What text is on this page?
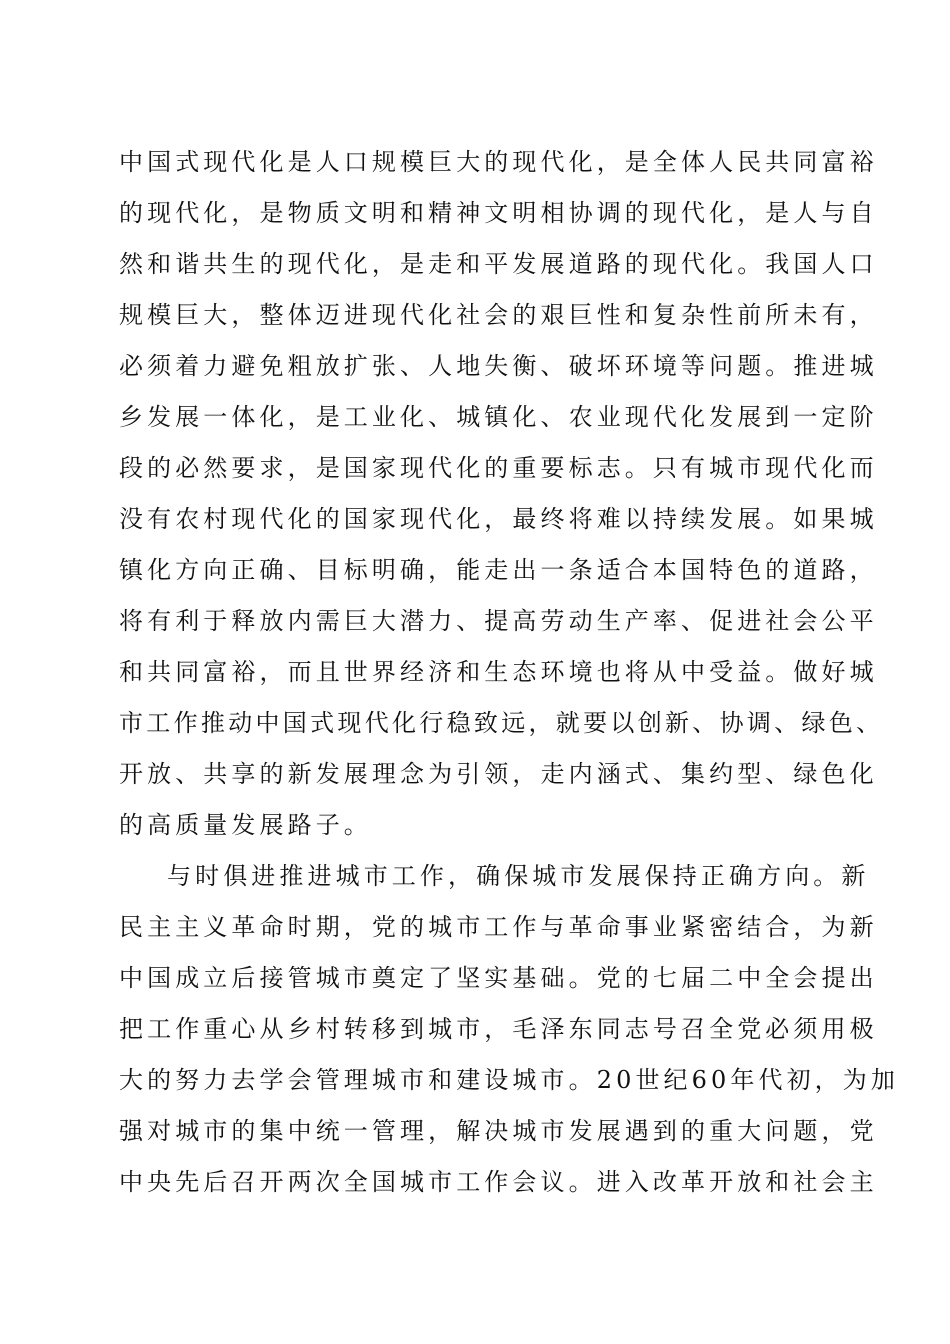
中国式现代化是人口规模巨大的现代化，是全体人民共同富裕
的现代化，是物质文明和精神文明相协调的现代化，是人与自
然和谐共生的现代化，是走和平发展道路的现代化。我国人口
规模巨大，整体迈进现代化社会的艰巨性和复杂性前所未有，
必须着力避免粗放扩张、人地失衡、破坏环境等问题。推进城
乡发展一体化，是工业化、城镇化、农业现代化发展到一定阶
段的必然要求，是国家现代化的重要标志。只有城市现代化而
没有农村现代化的国家现代化，最终将难以持续发展。如果城
镇化方向正确、目标明确，能走出一条适合本国特色的道路，
将有利于释放内需巨大潜力、提高劳动生产率、促进社会公平
和共同富裕，而且世界经济和生态环境也将从中受益。做好城
市工作推动中国式现代化行稳致远，就要以创新、协调、绿色、
开放、共享的新发展理念为引领，走内涵式、集约型、绿色化
的高质量发展路子。
与时俱进推进城市工作，确保城市发展保持正确方向。新
民主主义革命时期，党的城市工作与革命事业紧密结合，为新
中国成立后接管城市奠定了坚实基础。党的七届二中全会提出
把工作重心从乡村转移到城市，毛泽东同志号召全党必须用极
大的努力去学会管理城市和建设城市。20世纪60年代初，为加
强对城市的集中统一管理，解决城市发展遇到的重大问题，党
中央先后召开两次全国城市工作会议。进入改革开放和社会主
